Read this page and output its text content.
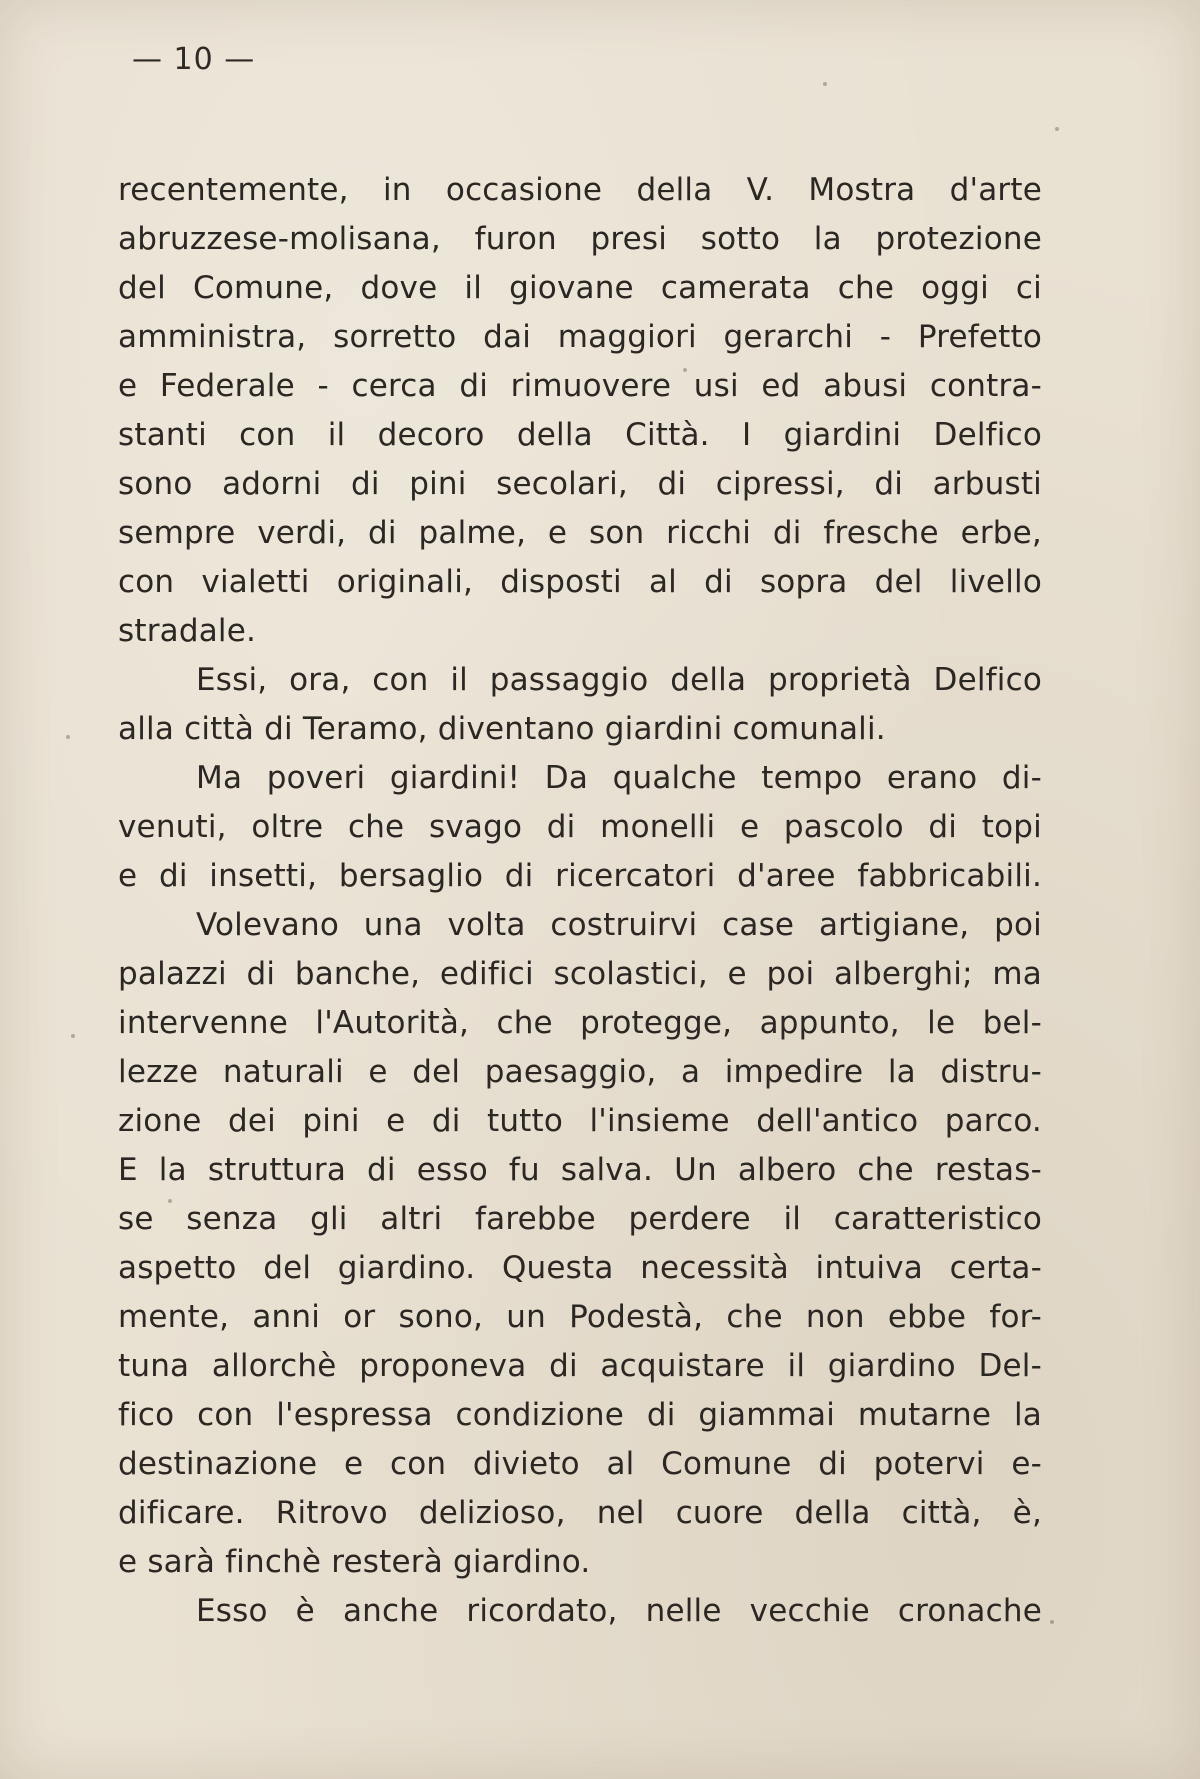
— 10 —
recentemente, in occasione della V. Mostra d'arte
abruzzese-molisana, furon presi sotto la protezione
del Comune, dove il giovane camerata che oggi ci
amministra, sorretto dai maggiori gerarchi - Prefetto
e Federale - cerca di rimuovere usi ed abusi contra-
stanti con il decoro della Città. I giardini Delfico
sono adorni di pini secolari, di cipressi, di arbusti
sempre verdi, di palme, e son ricchi di fresche erbe,
con vialetti originali, disposti al di sopra del livello
stradale.
Essi, ora, con il passaggio della proprietà Delfico
alla città di Teramo, diventano giardini comunali.
Ma poveri giardini! Da qualche tempo erano di-
venuti, oltre che svago di monelli e pascolo di topi
e di insetti, bersaglio di ricercatori d'aree fabbricabili.
Volevano una volta costruirvi case artigiane, poi
palazzi di banche, edifici scolastici, e poi alberghi; ma
intervenne l'Autorità, che protegge, appunto, le bel-
lezze naturali e del paesaggio, a impedire la distru-
zione dei pini e di tutto l'insieme dell'antico parco.
E la struttura di esso fu salva. Un albero che restas-
se senza gli altri farebbe perdere il caratteristico
aspetto del giardino. Questa necessità intuiva certa-
mente, anni or sono, un Podestà, che non ebbe for-
tuna allorchè proponeva di acquistare il giardino Del-
fico con l'espressa condizione di giammai mutarne la
destinazione e con divieto al Comune di potervi e-
dificare. Ritrovo delizioso, nel cuore della città, è,
e sarà finchè resterà giardino.
Esso è anche ricordato, nelle vecchie cronache
